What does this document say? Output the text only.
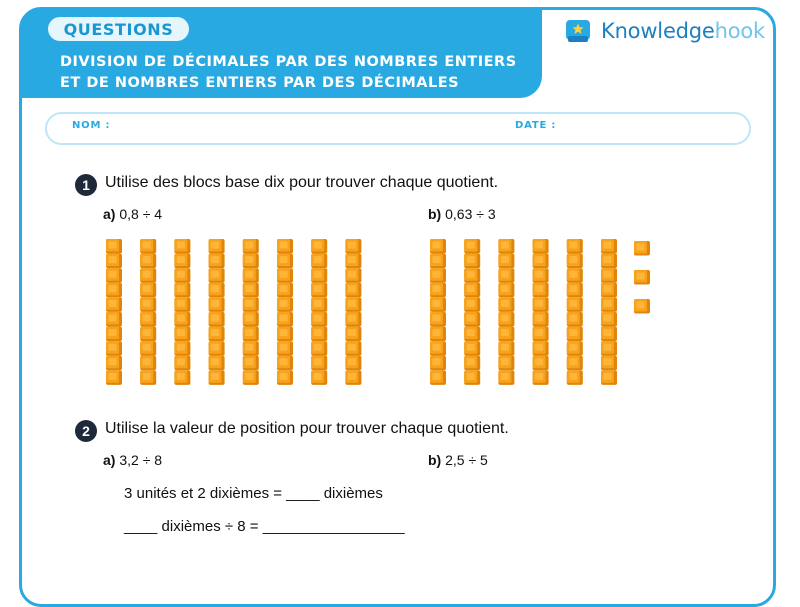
QUESTIONS
DIVISION DE DÉCIMALES PAR DES NOMBRES ENTIERS
ET DE NOMBRES ENTIERS PAR DES DÉCIMALES
Knowledgehook
NOM :	DATE :
1 Utilise des blocs base dix pour trouver chaque quotient.
a) 0,8 ÷ 4	b) 0,63 ÷ 3
2 Utilise la valeur de position pour trouver chaque quotient.
a) 3,2 ÷ 8	b) 2,5 ÷ 5
3 unités et 2 dixièmes = ____ dixièmes
____ dixièmes ÷ 8 = _________________
